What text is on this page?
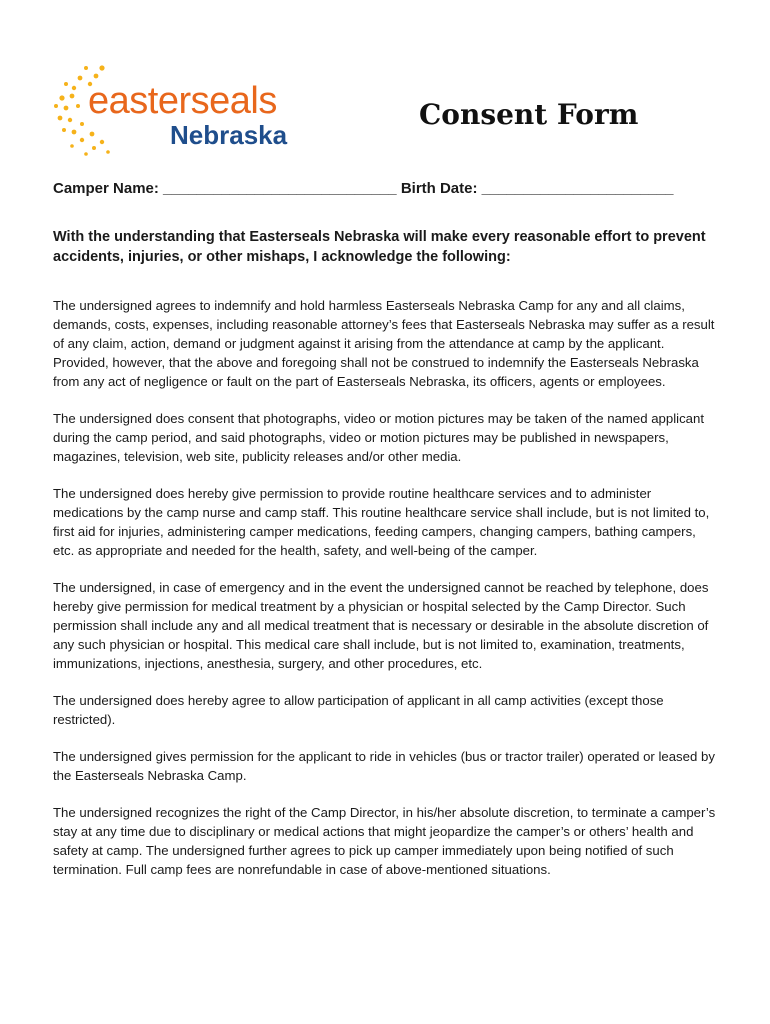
easterseals
Nebraska
Consent Form
Camper Name: ____________________________ Birth Date: _______________________
With the understanding that Easterseals Nebraska will make every reasonable effort to prevent accidents, injuries, or other mishaps, I acknowledge the following:

The undersigned agrees to indemnify and hold harmless Easterseals Nebraska Camp for any and all claims, demands, costs, expenses, including reasonable attorney’s fees that Easterseals Nebraska may suffer as a result of any claim, action, demand or judgment against it arising from the attendance at camp by the applicant. Provided, however, that the above and foregoing shall not be construed to indemnify the Easterseals Nebraska from any act of negligence or fault on the part of Easterseals Nebraska, its officers, agents or employees.

The undersigned does consent that photographs, video or motion pictures may be taken of the named applicant during the camp period, and said photographs, video or motion pictures may be published in newspapers, magazines, television, web site, publicity releases and/or other media.

The undersigned does hereby give permission to provide routine healthcare services and to administer medications by the camp nurse and camp staff. This routine healthcare service shall include, but is not limited to, first aid for injuries, administering camper medications, feeding campers, changing campers, bathing campers, etc. as appropriate and needed for the health, safety, and well-being of the camper.

The undersigned, in case of emergency and in the event the undersigned cannot be reached by telephone, does hereby give permission for medical treatment by a physician or hospital selected by the Camp Director. Such permission shall include any and all medical treatment that is necessary or desirable in the absolute discretion of any such physician or hospital. This medical care shall include, but is not limited to, examination, treatments, immunizations, injections, anesthesia, surgery, and other procedures, etc.

The undersigned does hereby agree to allow participation of applicant in all camp activities (except those restricted).

The undersigned gives permission for the applicant to ride in vehicles (bus or tractor trailer) operated or leased by the Easterseals Nebraska Camp.

The undersigned recognizes the right of the Camp Director, in his/her absolute discretion, to terminate a camper’s stay at any time due to disciplinary or medical actions that might jeopardize the camper’s or others’ health and safety at camp. The undersigned further agrees to pick up camper immediately upon being notified of such termination. Full camp fees are nonrefundable in case of above-mentioned situations.
